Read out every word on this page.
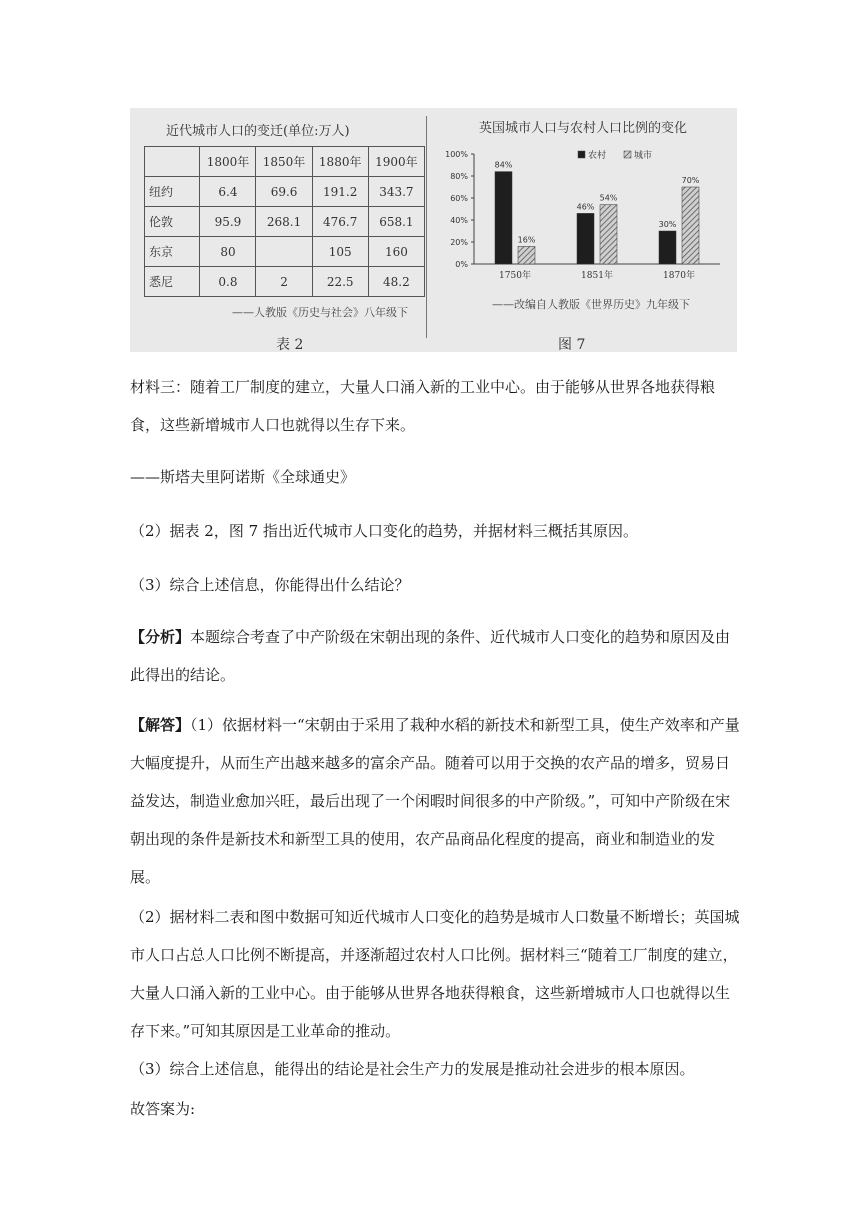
近代城市人口的变迁(单位:万人)
	1800年	1850年	1880年	1900年
纽约	6.4	69.6	191.2	343.7
伦敦	95.9	268.1	476.7	658.1
东京	80		105	160
悉尼	0.8	2	22.5	48.2
——人教版《历史与社会》八年级下
表 2
英国城市人口与农村人口比例的变化
0%
20%
40%
60%
80%
100%	农村	城市
84%
16%
1750年
46%
54%
1851年
30%
70%
1870年
——改编自人教版《世界历史》九年级下
图 7

材料三：随着工厂制度的建立，大量人口涌入新的工业中心。由于能够从世界各地获得粮食，这些新增城市人口也就得以生存下来。

——斯塔夫里阿诺斯《全球通史》

（2）据表 2，图 7 指出近代城市人口变化的趋势，并据材料三概括其原因。

（3）综合上述信息，你能得出什么结论？

【分析】本题综合考查了中产阶级在宋朝出现的条件、近代城市人口变化的趋势和原因及由此得出的结论。

【解答】（1）依据材料一“宋朝由于采用了栽种水稻的新技术和新型工具，使生产效率和产量大幅度提升，从而生产出越来越多的富余产品。随着可以用于交换的农产品的增多，贸易日益发达，制造业愈加兴旺，最后出现了一个闲暇时间很多的中产阶级。”，可知中产阶级在宋朝出现的条件是新技术和新型工具的使用，农产品商品化程度的提高，商业和制造业的发展。

（2）据材料二表和图中数据可知近代城市人口变化的趋势是城市人口数量不断增长；英国城市人口占总人口比例不断提高，并逐渐超过农村人口比例。据材料三“随着工厂制度的建立，大量人口涌入新的工业中心。由于能够从世界各地获得粮食，这些新增城市人口也就得以生存下来。”可知其原因是工业革命的推动。

（3）综合上述信息，能得出的结论是社会生产力的发展是推动社会进步的根本原因。

故答案为:
